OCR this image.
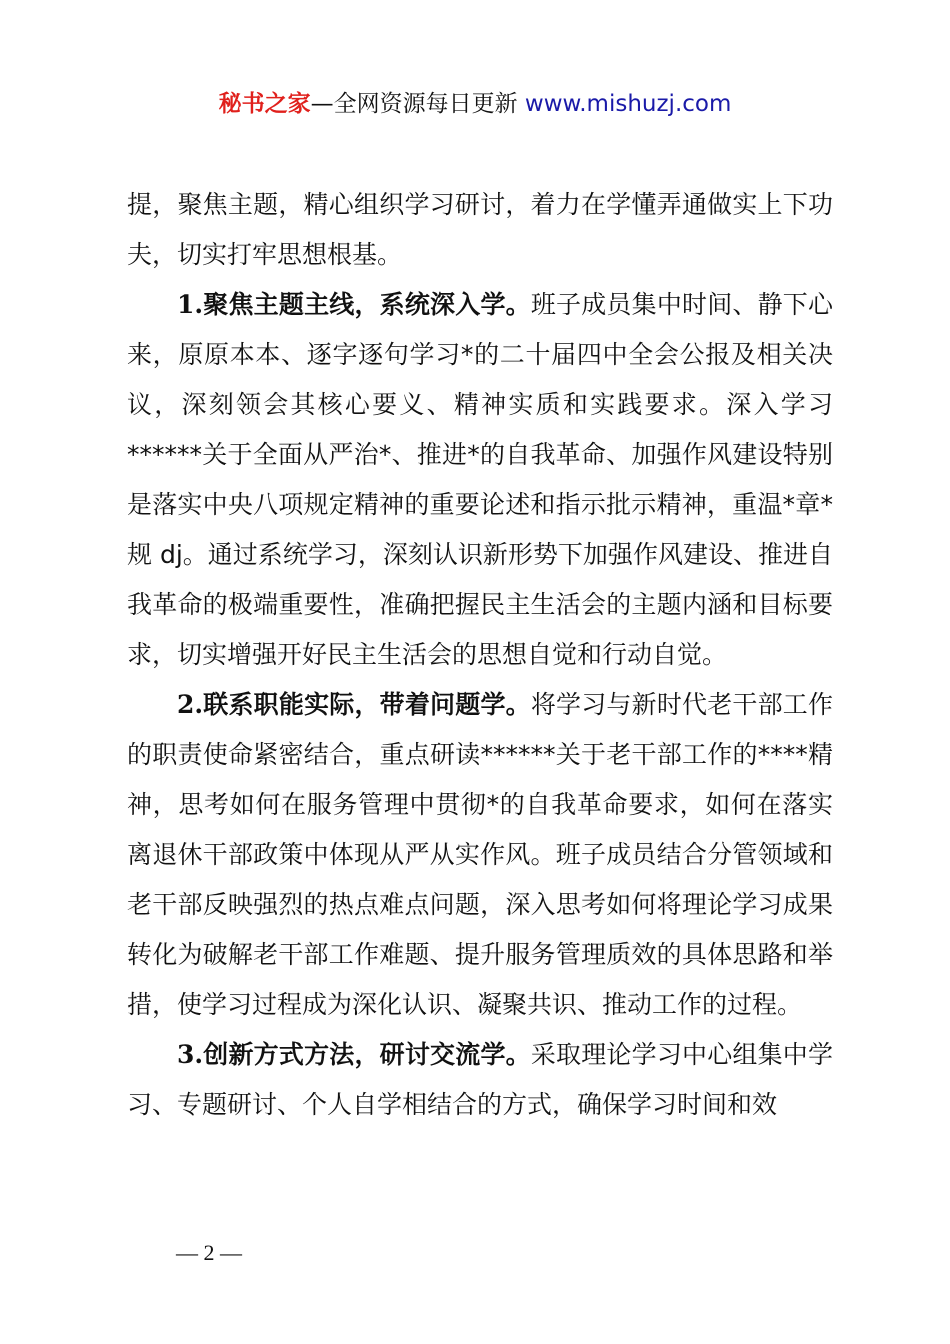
秘书之家—全网资源每日更新 www.mishuzj.com

提，聚焦主题，精心组织学习研讨，着力在学懂弄通做实上下功夫，切实打牢思想根基。

1.聚焦主题主线，系统深入学。班子成员集中时间、静下心来，原原本本、逐字逐句学习*的二十届四中全会公报及相关决议，深刻领会其核心要义、精神实质和实践要求。深入学习******关于全面从严治*、推进*的自我革命、加强作风建设特别是落实中央八项规定精神的重要论述和指示批示精神，重温*章*规 dj。通过系统学习，深刻认识新形势下加强作风建设、推进自我革命的极端重要性，准确把握民主生活会的主题内涵和目标要求，切实增强开好民主生活会的思想自觉和行动自觉。

2.联系职能实际，带着问题学。将学习与新时代老干部工作的职责使命紧密结合，重点研读******关于老干部工作的****精神，思考如何在服务管理中贯彻*的自我革命要求，如何在落实离退休干部政策中体现从严从实作风。班子成员结合分管领域和老干部反映强烈的热点难点问题，深入思考如何将理论学习成果转化为破解老干部工作难题、提升服务管理质效的具体思路和举措，使学习过程成为深化认识、凝聚共识、推动工作的过程。

3.创新方式方法，研讨交流学。采取理论学习中心组集中学习、专题研讨、个人自学相结合的方式，确保学习时间和效

— 2 —
